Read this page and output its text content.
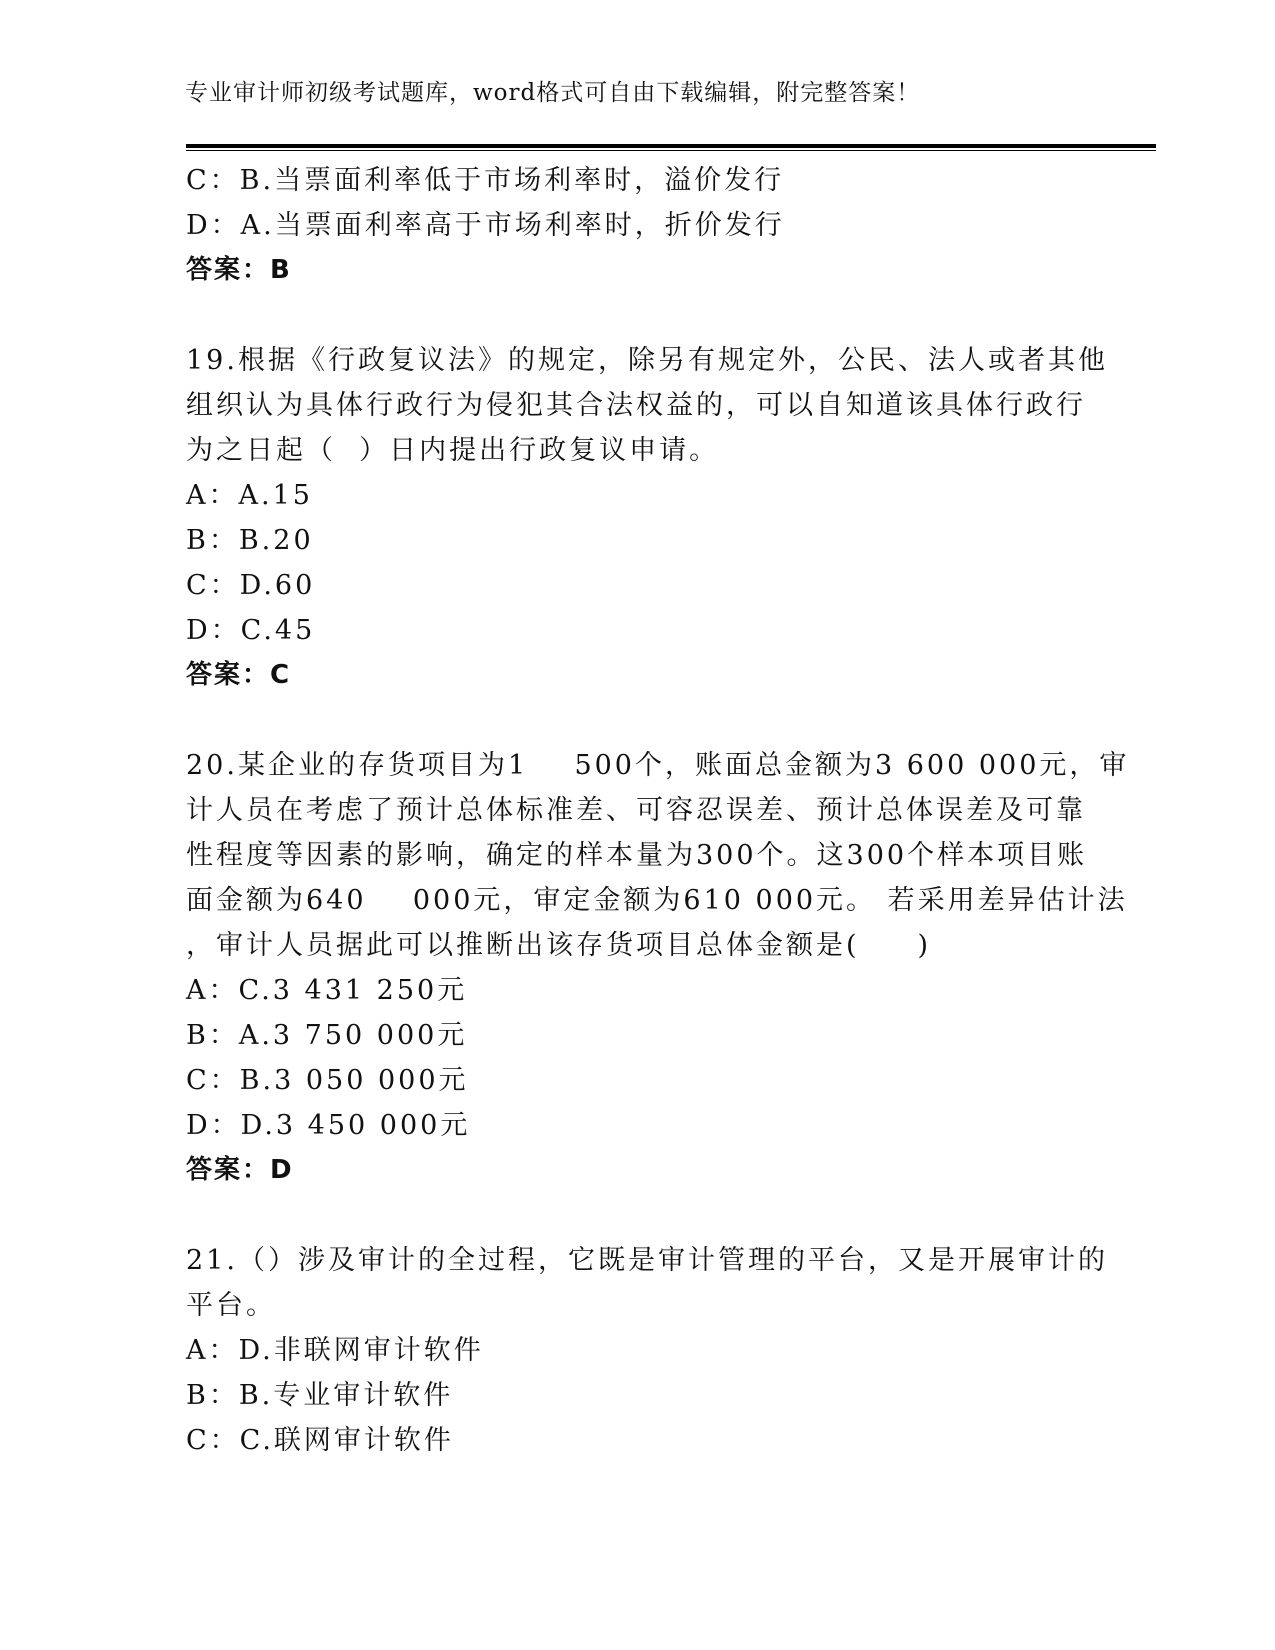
专业审计师初级考试题库，word格式可自由下载编辑，附完整答案！
C：B.当票面利率低于市场利率时，溢价发行
D：A.当票面利率高于市场利率时，折价发行
答案：B
19.根据《行政复议法》的规定，除另有规定外，公民、法人或者其他
组织认为具体行政行为侵犯其合法权益的，可以自知道该具体行政行
为之日起（  ）日内提出行政复议申请。
A：A.15
B：B.20
C：D.60
D：C.45
答案：C
20.某企业的存货项目为1    500个，账面总金额为3 600 000元，审
计人员在考虑了预计总体标准差、可容忍误差、预计总体误差及可靠
性程度等因素的影响，确定的样本量为300个。这300个样本项目账
面金额为640    000元，审定金额为610 000元。 若采用差异估计法
，审计人员据此可以推断出该存货项目总体金额是(     )
A：C.3 431 250元
B：A.3 750 000元
C：B.3 050 000元
D：D.3 450 000元
答案：D
21.（）涉及审计的全过程，它既是审计管理的平台，又是开展审计的
平台。
A：D.非联网审计软件
B：B.专业审计软件
C：C.联网审计软件
